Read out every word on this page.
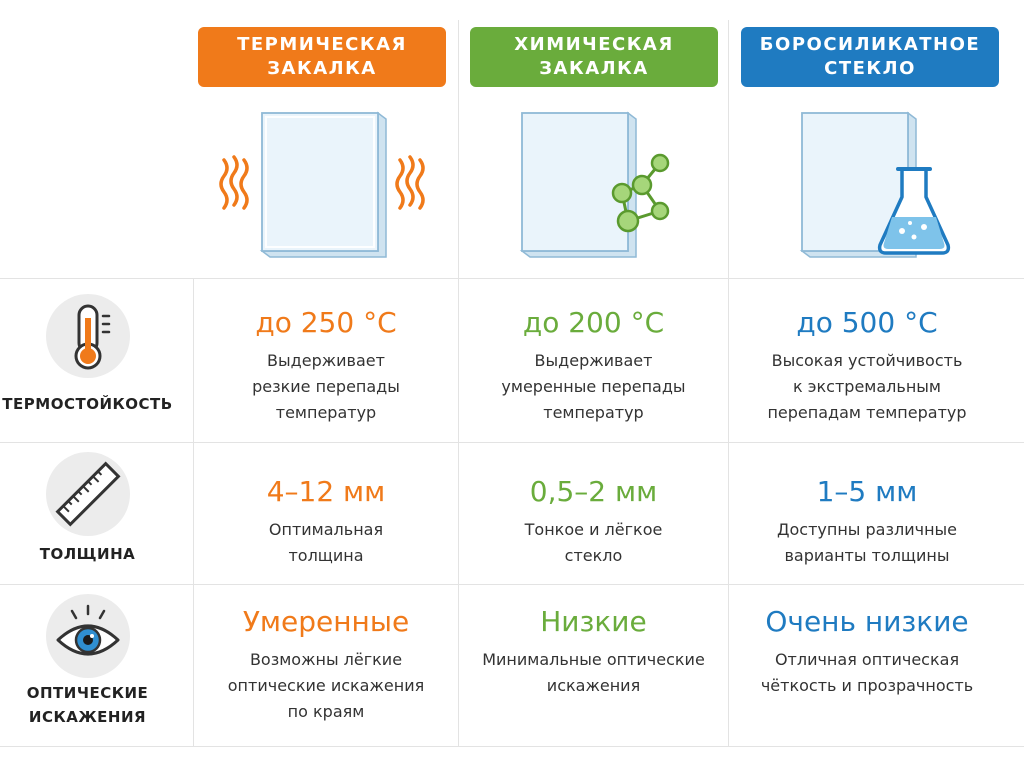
ТЕРМИЧЕСКАЯ
ЗАКАЛКА
ХИМИЧЕСКАЯ
ЗАКАЛКА
БОРОСИЛИКАТНОЕ
СТЕКЛО
ТЕРМОСТОЙКОСТЬ
до 250 °C
Выдерживает
резкие перепады
температур
до 200 °C
Выдерживает
умеренные перепады
температур
до 500 °C
Высокая устойчивость
к экстремальным
перепадам температур
ТОЛЩИНА
4–12 мм
Оптимальная
толщина
0,5–2 мм
Тонкое и лёгкое
стекло
1–5 мм
Доступны различные
варианты толщины
ОПТИЧЕСКИЕ
ИСКАЖЕНИЯ
Умеренные
Возможны лёгкие
оптические искажения
по краям
Низкие
Минимальные оптические
искажения
Очень низкие
Отличная оптическая
чёткость и прозрачность
